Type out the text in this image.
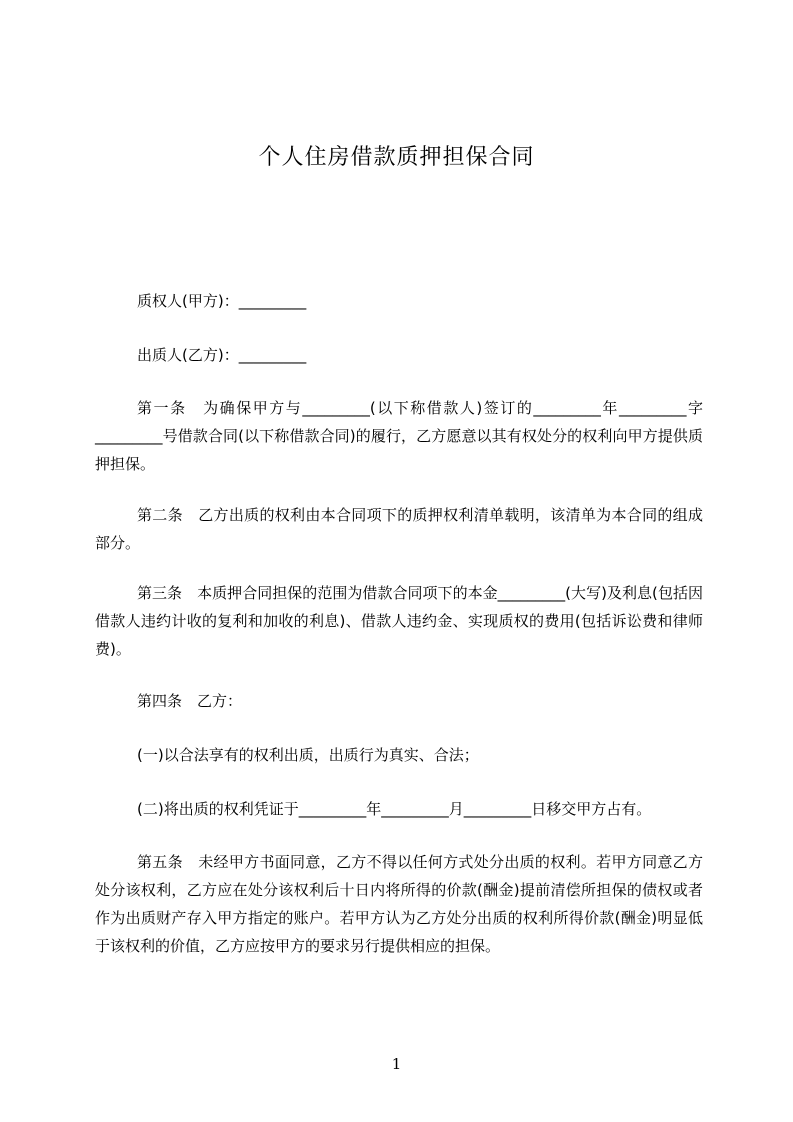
个人住房借款质押担保合同
质权人(甲方)：_________
出质人(乙方)：_________
第一条　为确保甲方与_________(以下称借款人)签订的_________年_________字_________号借款合同(以下称借款合同)的履行，乙方愿意以其有权处分的权利向甲方提供质押担保。
第二条　乙方出质的权利由本合同项下的质押权利清单载明，该清单为本合同的组成部分。
第三条　本质押合同担保的范围为借款合同项下的本金_________(大写)及利息(包括因借款人违约计收的复利和加收的利息)、借款人违约金、实现质权的费用(包括诉讼费和律师费)。
第四条　乙方：
(一)以合法享有的权利出质，出质行为真实、合法；
(二)将出质的权利凭证于_________年_________月_________日移交甲方占有。
第五条　未经甲方书面同意，乙方不得以任何方式处分出质的权利。若甲方同意乙方处分该权利，乙方应在处分该权利后十日内将所得的价款(酬金)提前清偿所担保的债权或者作为出质财产存入甲方指定的账户。若甲方认为乙方处分出质的权利所得价款(酬金)明显低于该权利的价值，乙方应按甲方的要求另行提供相应的担保。
1
